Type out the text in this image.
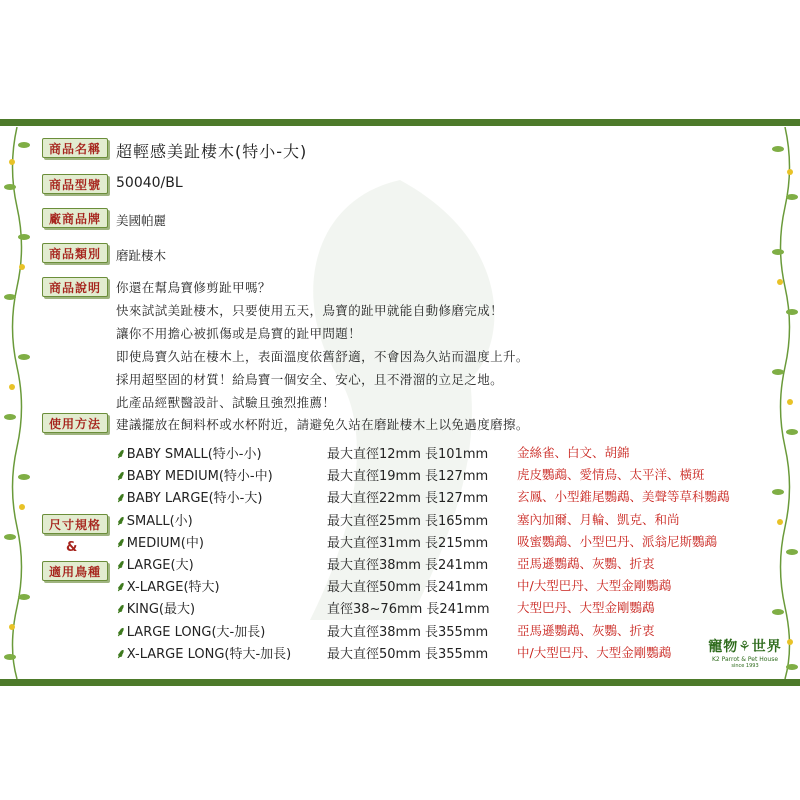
商品名稱 超輕感美趾棲木(特小-大)
商品型號	50040/BL
廠商品牌	美國帕麗
商品類別	磨趾棲木
商品說明	你還在幫鳥寶修剪趾甲嗎？
快來試試美趾棲木，只要使用五天，鳥寶的趾甲就能自動修磨完成！
讓你不用擔心被抓傷或是鳥寶的趾甲問題！
即使鳥寶久站在棲木上，表面溫度依舊舒適，不會因為久站而溫度上升。
採用超堅固的材質！給鳥寶一個安全、安心，且不滑溜的立足之地。
此產品經獸醫設計、試驗且強烈推薦！
使用方法	建議擺放在飼料杯或水杯附近，請避免久站在磨趾棲木上以免過度磨擦。
尺寸規格
&
適用鳥種
⸙BABY SMALL(特小-小)	最大直徑12mm 長101mm 金絲雀、白文、胡錦
⸙BABY MEDIUM(特小-中)	最大直徑19mm 長127mm 虎皮鸚鵡、愛情鳥、太平洋、橫斑
⸙BABY LARGE(特小-大)	最大直徑22mm 長127mm 玄鳳、小型錐尾鸚鵡、美聲等草科鸚鵡
⸙SMALL(小)	最大直徑25mm 長165mm 塞內加爾、月輪、凱克、和尚
⸙MEDIUM(中)	最大直徑31mm 長215mm 吸蜜鸚鵡、小型巴丹、派翁尼斯鸚鵡
⸙LARGE(大)	最大直徑38mm 長241mm 亞馬遜鸚鵡、灰鸚、折衷
⸙X-LARGE(特大)	最大直徑50mm 長241mm 中/大型巴丹、大型金剛鸚鵡
⸙KING(最大)	直徑38~76mm 長241mm 大型巴丹、大型金剛鸚鵡
⸙LARGE LONG(大-加長)	最大直徑38mm 長355mm 亞馬遜鸚鵡、灰鸚、折衷
⸙X-LARGE LONG(特大-加長)	最大直徑50mm 長355mm 中/大型巴丹、大型金剛鸚鵡	寵物⚘世界
K2 Parrot & Pet House
since 1993
